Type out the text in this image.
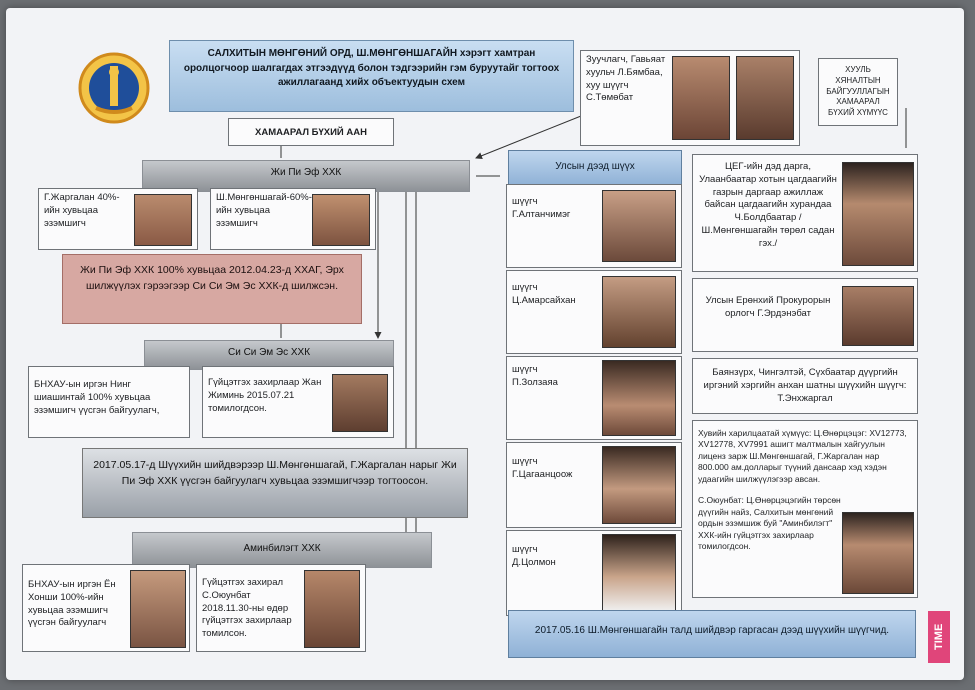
САЛХИТЫН МӨНГӨНИЙ ОРД, Ш.МӨНГӨНШАГАЙН хэрэгт хамтран оролцогчоор шалгагдах этгээдүүд болон тэдгээрийн гэм буруутайг тогтоох ажиллагаанд хийх объектуудын схем
ХАМААРАЛ БҮХИЙ ААН
Жи Пи Эф ХХК
Г.Жаргалан 40%-ийн хувьцаа эзэмшигч
Ш.Мөнгөншагай-60%-ийн хувьцаа эзэмшигч
Жи Пи Эф ХХК 100% хувьцаа 2012.04.23-д ХХАГ, Эрх шилжүүлэх гэрээгээр Си Си Эм Эс ХХК-д шилжсэн.
Си Си Эм Эс ХХК
БНХАУ-ын иргэн Нинг шиашинтай 100% хувьцаа эзэмшигч үүсгэн байгуулагч,
Гүйцэтгэх захирлаар Жан Жиминь 2015.07.21 томилогдсон.
2017.05.17-д Шүүхийн шийдвэрээр Ш.Мөнгөншагай, Г.Жаргалан нарыг Жи Пи Эф ХХК үүсгэн байгуулагч хувьцаа эзэмшигчээр тогтоосон.
Аминбилэгт ХХК
БНХАУ-ын иргэн Ён Хонши 100%-ийн хувьцаа эзэмшигч үүсгэн байгуулагч
Гүйцэтгэх захирал С.Оюунбат 2018.11.30-ны өдөр гүйцэтгэх захирлаар томилсон.
Зуучлагч, Гавьяат хуульч Л.Бямбаа, хуу шүүгч С.Төмөбат
ХУУЛЬ ХЯНАЛТЫН БАЙГУУЛЛАГЫН ХАМААРАЛ БҮХИЙ ХҮМҮҮС
Улсын дээд шүүх
шүүгч Г.Алтанчимэг
шүүгч Ц.Амарсайхан
шүүгч П.Золзаяа
шүүгч Г.Цагаанцоож
шүүгч Д.Цолмон
ЦЕГ-ийн дэд дарга, Улаанбаатар хотын цагдаагийн газрын даргаар ажиллаж байсан цагдаагийн хурандаа Ч.Болдбаатар / Ш.Мөнгөншагайн төрөл садан гэх./
Улсын Ерөнхий Прокурорын орлогч Г.Эрдэнэбат
Баянзүрх, Чингэлтэй, Сүхбаатар дүүргийн иргэний хэргийн анхан шатны шүүхийн шүүгч: Т.Энхжаргал
Хувийн харилцаатай хүмүүс: Ц.Өнөрцэцэг: XV12773, XV12778, XV7991 ашигт малтмалын хайгуулын лиценз зарж Ш.Мөнгөншагай, Г.Жаргалан нар 800.000 ам.долларыг түүний дансаар хэд хэдэн удаагийн шилжүүлэгээр авсан.
С.Оюунбат: Ц.Өнөрцэцэгийн төрсөн дүүгийн найз, Салхитын мөнгөний ордын эзэмшиж буй "Аминбилэгт" ХХК-ийн гүйцэтгэх захирлаар томилогдсон.
2017.05.16 Ш.Мөнгөншагайн талд шийдвэр гаргасан дээд шүүхийн шүүгчид.	TIME
